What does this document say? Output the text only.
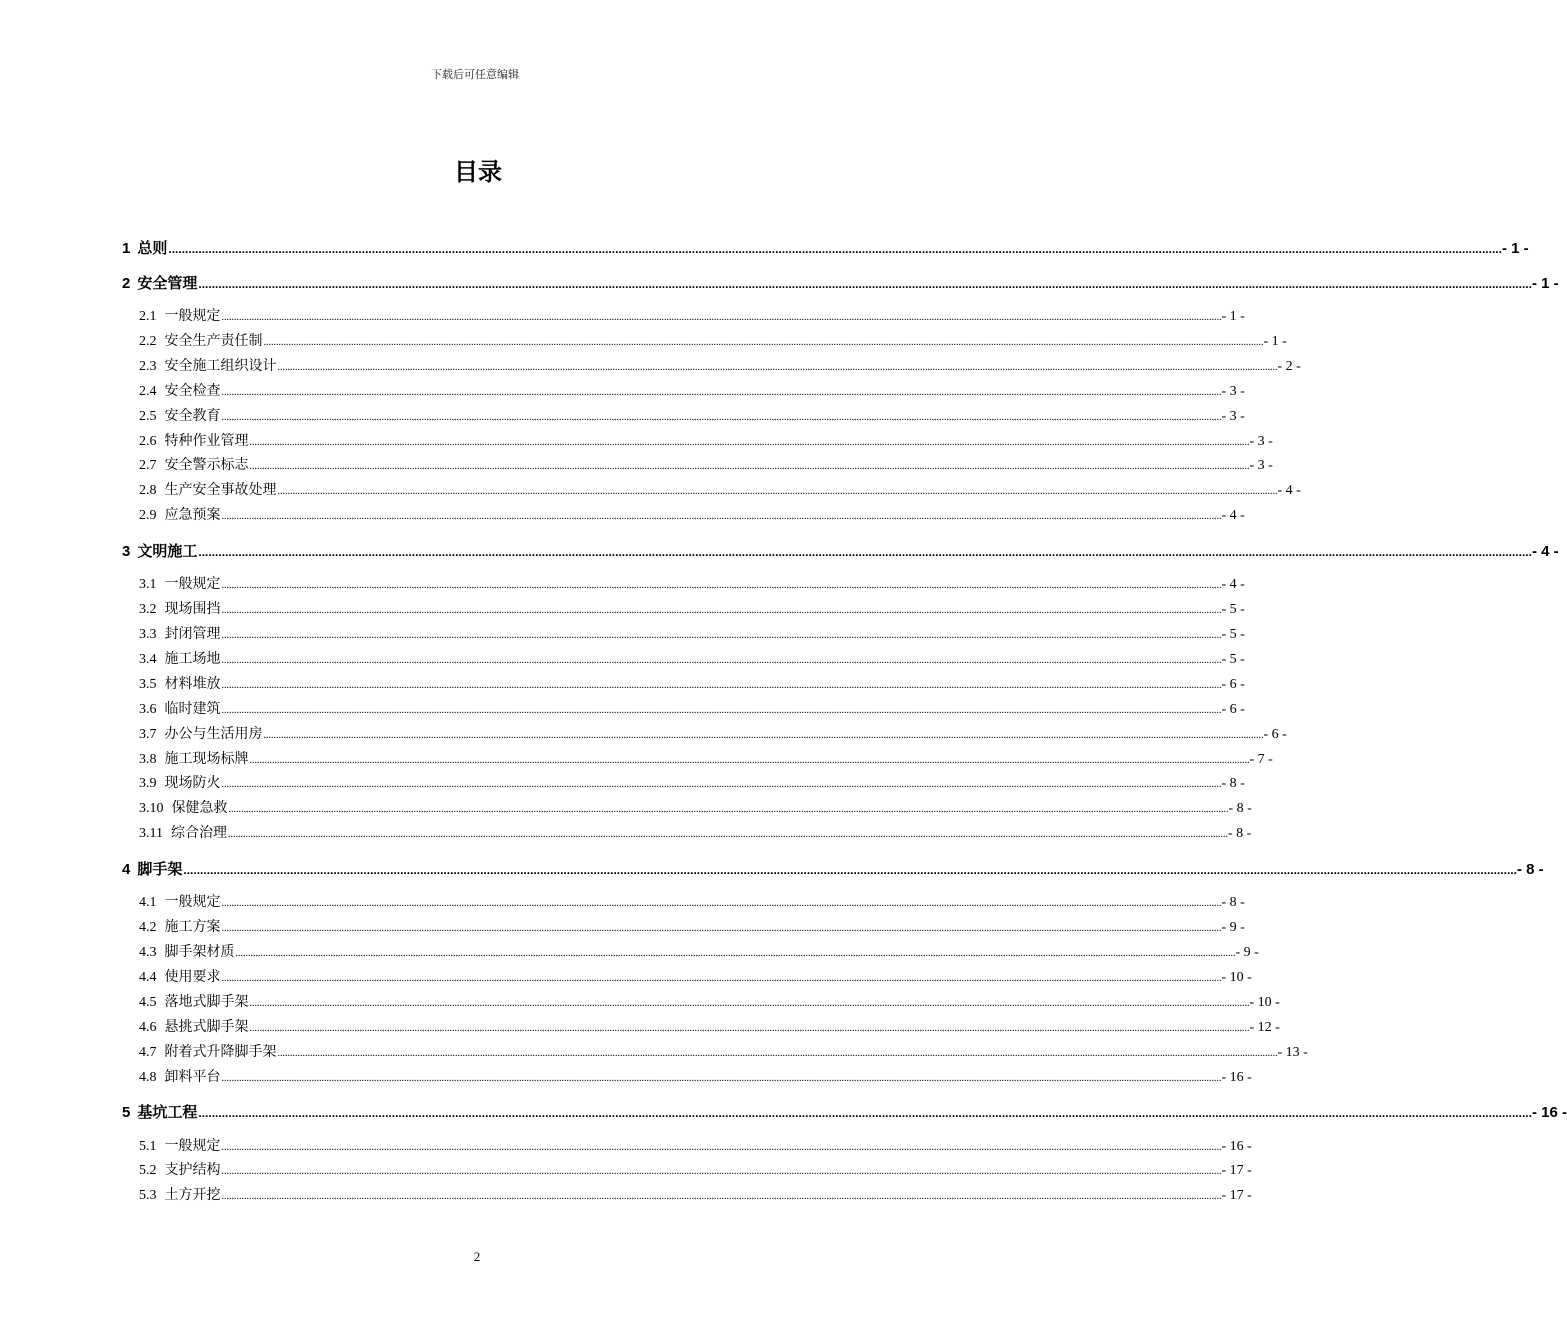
下载后可任意编辑
目录
1 总则 ................................................................................................................................................................................................................................................................................................................................................................................................................ - 1 -
2 安全管理 ................................................................................................................................................................................................................................................................................................................................................................................................................ - 1 -
2.1 一般规定 ................................................................................................................................................................................................................................................................................................................................................................................................................ - 1 -
2.2 安全生产责任制 ................................................................................................................................................................................................................................................................................................................................................................................................................ - 1 -
2.3 安全施工组织设计 ................................................................................................................................................................................................................................................................................................................................................................................................................ - 2 -
2.4 安全检查 ................................................................................................................................................................................................................................................................................................................................................................................................................ - 3 -
2.5 安全教育 ................................................................................................................................................................................................................................................................................................................................................................................................................ - 3 -
2.6 特种作业管理 ................................................................................................................................................................................................................................................................................................................................................................................................................ - 3 -
2.7 安全警示标志 ................................................................................................................................................................................................................................................................................................................................................................................................................ - 3 -
2.8 生产安全事故处理 ................................................................................................................................................................................................................................................................................................................................................................................................................ - 4 -
2.9 应急预案 ................................................................................................................................................................................................................................................................................................................................................................................................................ - 4 -
3 文明施工 ................................................................................................................................................................................................................................................................................................................................................................................................................ - 4 -
3.1 一般规定 ................................................................................................................................................................................................................................................................................................................................................................................................................ - 4 -
3.2 现场围挡 ................................................................................................................................................................................................................................................................................................................................................................................................................ - 5 -
3.3 封闭管理 ................................................................................................................................................................................................................................................................................................................................................................................................................ - 5 -
3.4 施工场地 ................................................................................................................................................................................................................................................................................................................................................................................................................ - 5 -
3.5 材料堆放 ................................................................................................................................................................................................................................................................................................................................................................................................................ - 6 -
3.6 临时建筑 ................................................................................................................................................................................................................................................................................................................................................................................................................ - 6 -
3.7 办公与生活用房 ................................................................................................................................................................................................................................................................................................................................................................................................................ - 6 -
3.8 施工现场标牌 ................................................................................................................................................................................................................................................................................................................................................................................................................ - 7 -
3.9 现场防火 ................................................................................................................................................................................................................................................................................................................................................................................................................ - 8 -
3.10 保健急救 ................................................................................................................................................................................................................................................................................................................................................................................................................ - 8 -
3.11 综合治理 ................................................................................................................................................................................................................................................................................................................................................................................................................ - 8 -
4 脚手架 ................................................................................................................................................................................................................................................................................................................................................................................................................ - 8 -
4.1 一般规定 ................................................................................................................................................................................................................................................................................................................................................................................................................ - 8 -
4.2 施工方案 ................................................................................................................................................................................................................................................................................................................................................................................................................ - 9 -
4.3 脚手架材质 ................................................................................................................................................................................................................................................................................................................................................................................................................ - 9 -
4.4 使用要求 ................................................................................................................................................................................................................................................................................................................................................................................................................ - 10 -
4.5 落地式脚手架 ................................................................................................................................................................................................................................................................................................................................................................................................................ - 10 -
4.6 悬挑式脚手架 ................................................................................................................................................................................................................................................................................................................................................................................................................ - 12 -
4.7 附着式升降脚手架 ................................................................................................................................................................................................................................................................................................................................................................................................................ - 13 -
4.8 卸料平台 ................................................................................................................................................................................................................................................................................................................................................................................................................ - 16 -
5 基坑工程 ................................................................................................................................................................................................................................................................................................................................................................................................................ - 16 -
5.1 一般规定 ................................................................................................................................................................................................................................................................................................................................................................................................................ - 16 -
5.2 支护结构 ................................................................................................................................................................................................................................................................................................................................................................................................................ - 17 -
5.3 土方开挖 ................................................................................................................................................................................................................................................................................................................................................................................................................ - 17 -
2
